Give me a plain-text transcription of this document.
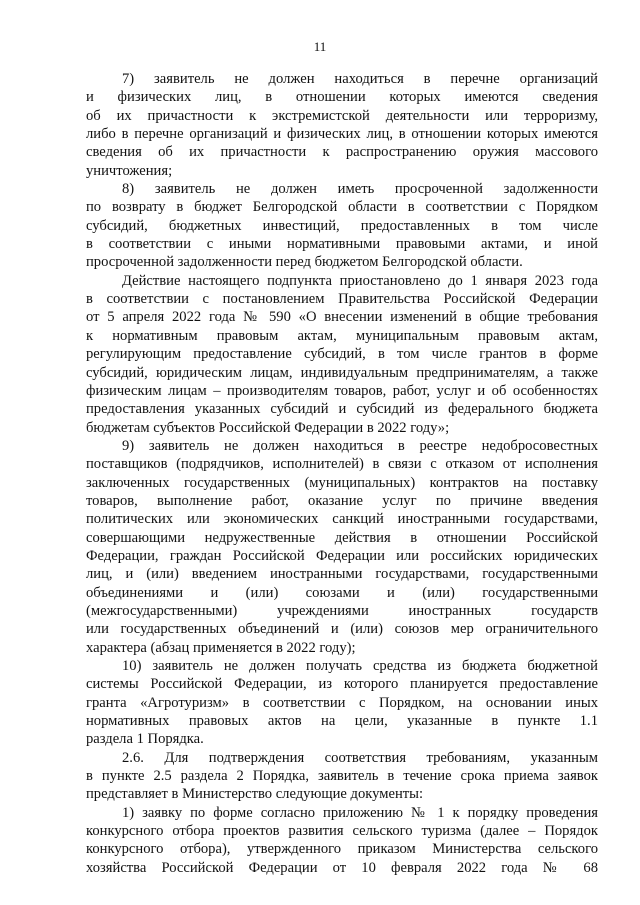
11
7) заявитель не должен находиться в перечне организаций
и физических лиц, в отношении которых имеются сведения
об их причастности к экстремистской деятельности или терроризму,
либо в перечне организаций и физических лиц, в отношении которых имеются
сведения об их причастности к распространению оружия массового
уничтожения;
8) заявитель не должен иметь просроченной задолженности
по возврату в бюджет Белгородской области в соответствии с Порядком
субсидий, бюджетных инвестиций, предоставленных в том числе
в соответствии с иными нормативными правовыми актами, и иной
просроченной задолженности перед бюджетом Белгородской области.
Действие настоящего подпункта приостановлено до 1 января 2023 года
в соответствии с постановлением Правительства Российской Федерации
от 5 апреля 2022 года № 590 «О внесении изменений в общие требования
к нормативным правовым актам, муниципальным правовым актам,
регулирующим предоставление субсидий, в том числе грантов в форме
субсидий, юридическим лицам, индивидуальным предпринимателям, а также
физическим лицам – производителям товаров, работ, услуг и об особенностях
предоставления указанных субсидий и субсидий из федерального бюджета
бюджетам субъектов Российской Федерации в 2022 году»;
9) заявитель не должен находиться в реестре недобросовестных
поставщиков (подрядчиков, исполнителей) в связи с отказом от исполнения
заключенных государственных (муниципальных) контрактов на поставку
товаров, выполнение работ, оказание услуг по причине введения
политических или экономических санкций иностранными государствами,
совершающими недружественные действия в отношении Российской
Федерации, граждан Российской Федерации или российских юридических
лиц, и (или) введением иностранными государствами, государственными
объединениями и (или) союзами и (или) государственными
(межгосударственными) учреждениями иностранных государств
или государственных объединений и (или) союзов мер ограничительного
характера (абзац применяется в 2022 году);
10) заявитель не должен получать средства из бюджета бюджетной
системы Российской Федерации, из которого планируется предоставление
гранта «Агротуризм» в соответствии с Порядком, на основании иных
нормативных правовых актов на цели, указанные в пункте 1.1
раздела 1 Порядка.
2.6. Для подтверждения соответствия требованиям, указанным
в пункте 2.5 раздела 2 Порядка, заявитель в течение срока приема заявок
представляет в Министерство следующие документы:
1) заявку по форме согласно приложению № 1 к порядку проведения
конкурсного отбора проектов развития сельского туризма (далее – Порядок
конкурсного отбора), утвержденного приказом Министерства сельского
хозяйства Российской Федерации от 10 февраля 2022 года № 68
